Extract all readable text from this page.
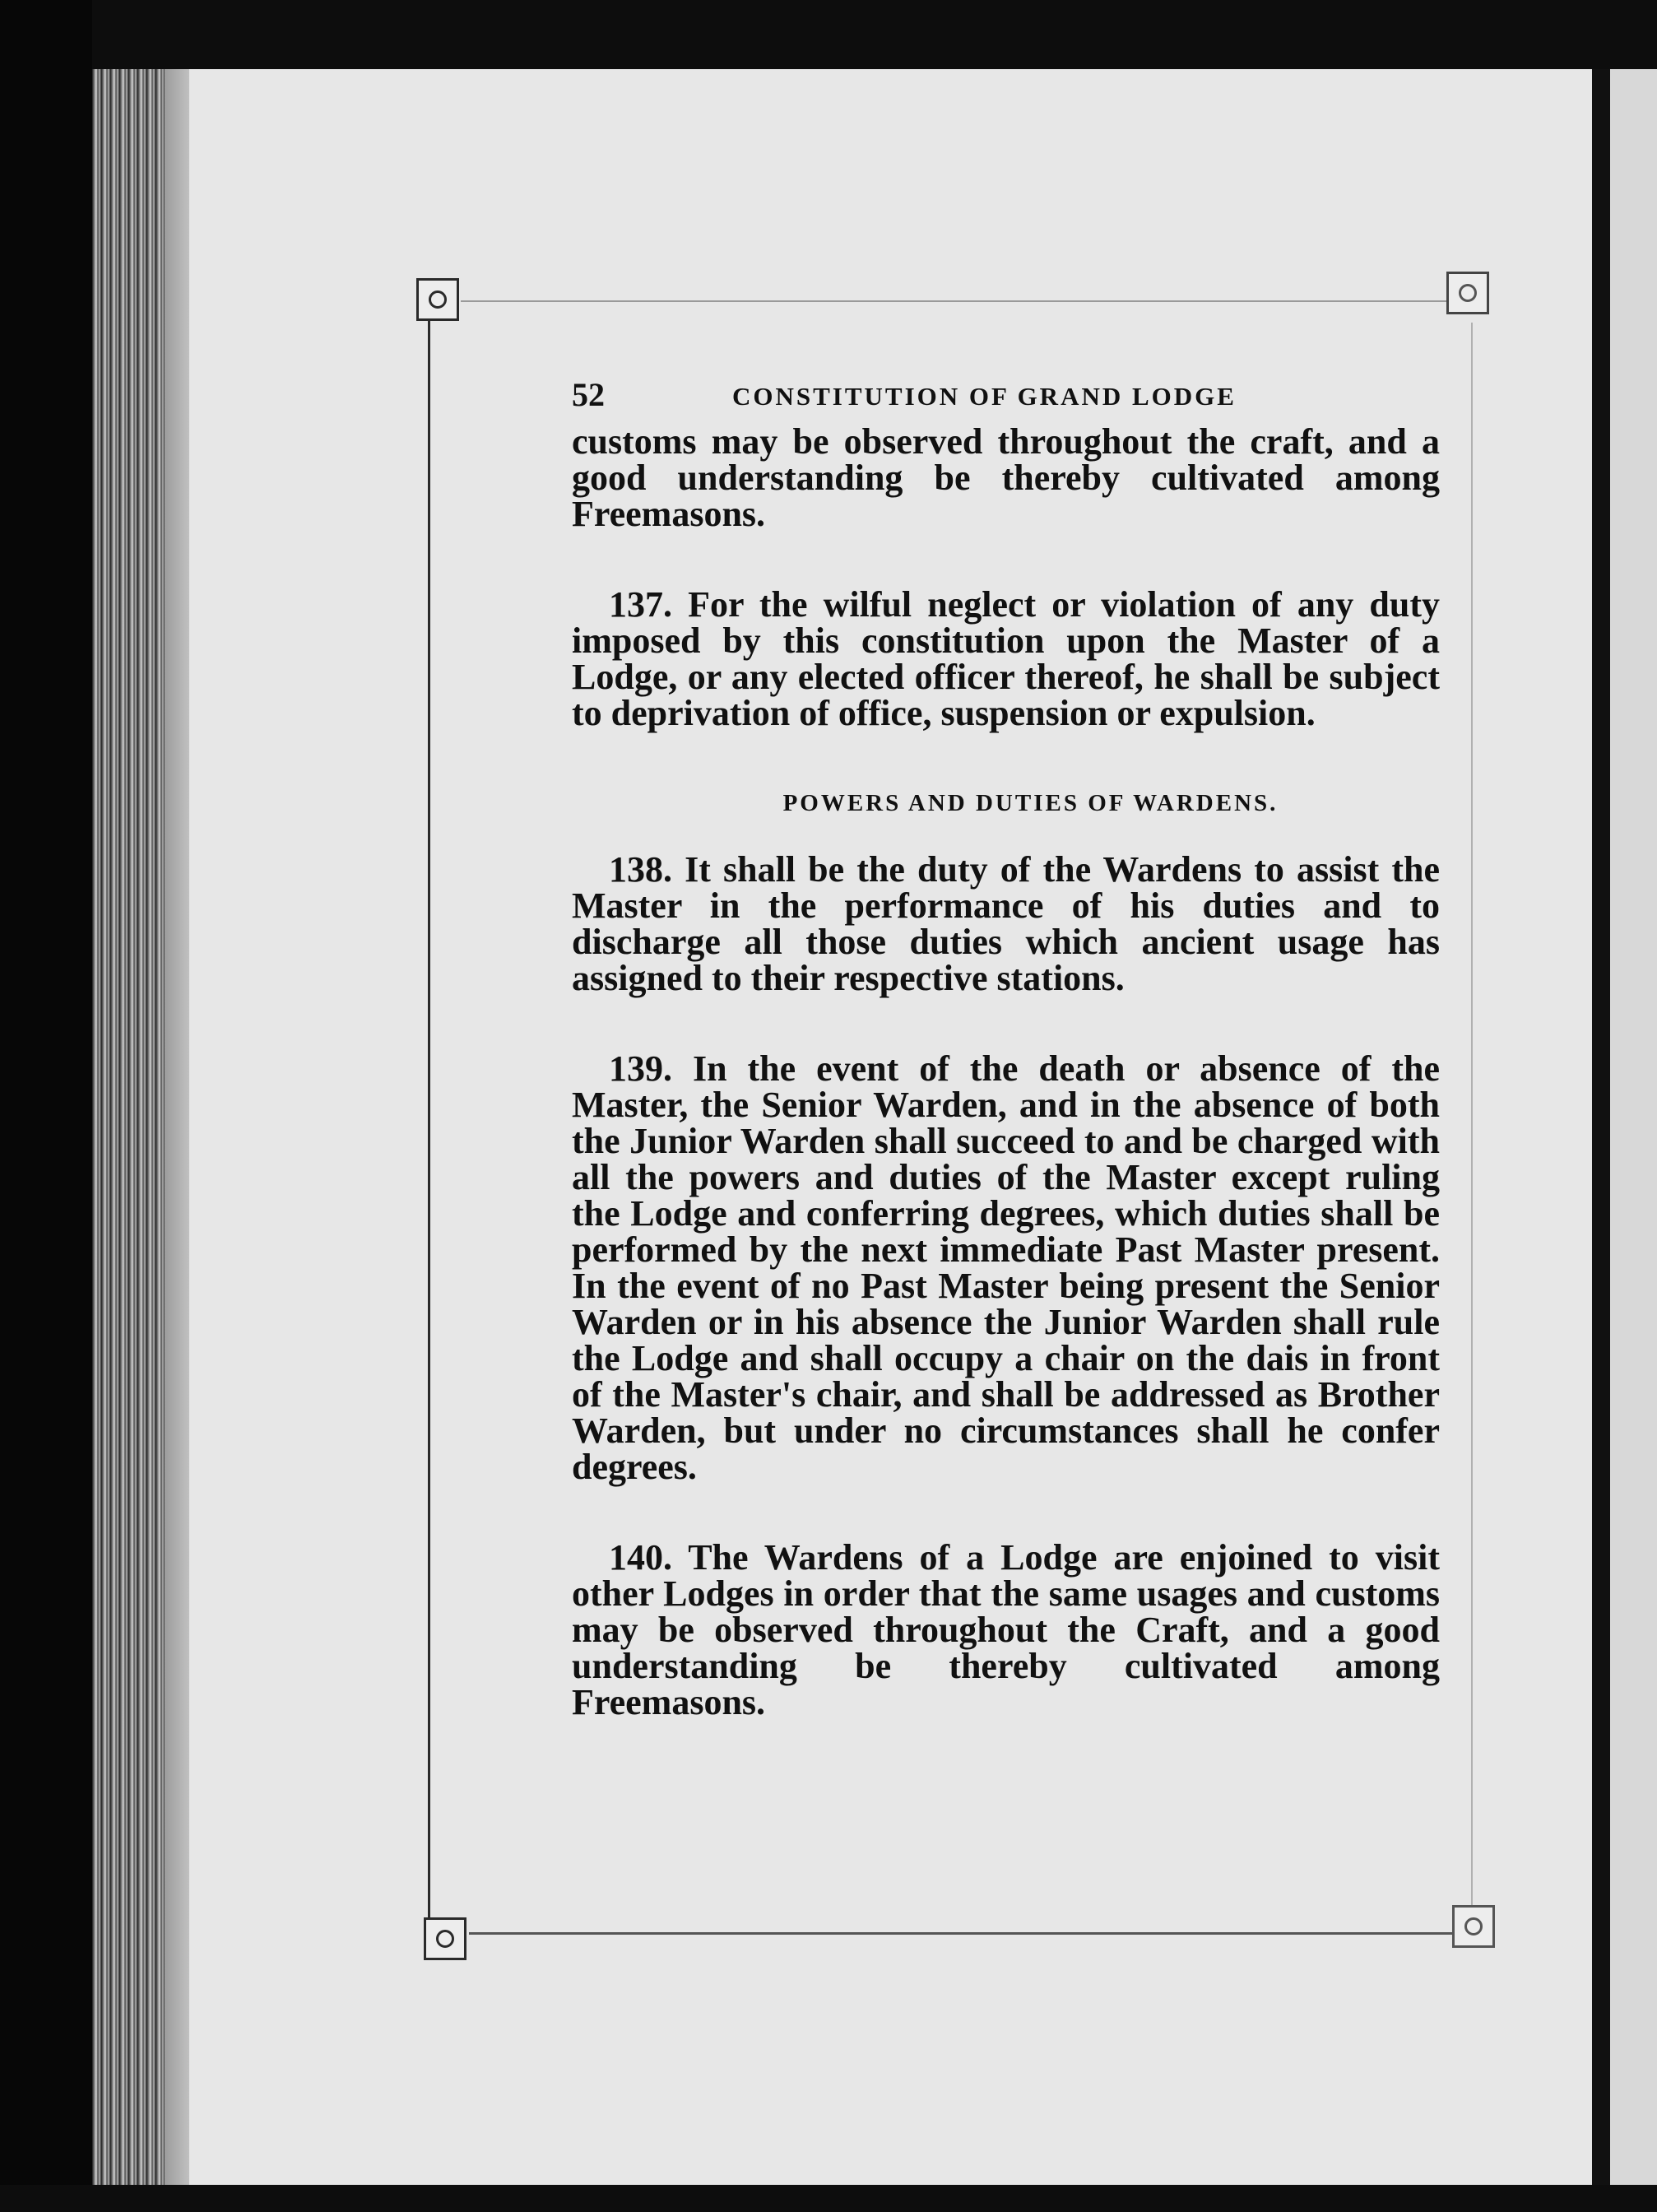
52	CONSTITUTION OF GRAND LODGE

customs may be observed throughout the craft, and a good understanding be thereby cultivated among Freemasons.

137. For the wilful neglect or violation of any duty imposed by this constitution upon the Master of a Lodge, or any elected officer thereof, he shall be subject to deprivation of office, suspension or expulsion.

POWERS AND DUTIES OF WARDENS.

138. It shall be the duty of the Wardens to assist the Master in the performance of his duties and to discharge all those duties which ancient usage has assigned to their respective stations.

139. In the event of the death or absence of the Master, the Senior Warden, and in the absence of both the Junior Warden shall succeed to and be charged with all the powers and duties of the Master except ruling the Lodge and conferring degrees, which duties shall be performed by the next immediate Past Master present. In the event of no Past Master being present the Senior Warden or in his absence the Junior Warden shall rule the Lodge and shall occupy a chair on the dais in front of the Master's chair, and shall be addressed as Brother Warden, but under no circumstances shall he confer degrees.

140. The Wardens of a Lodge are enjoined to visit other Lodges in order that the same usages and customs may be observed throughout the Craft, and a good understanding be thereby cultivated among Freemasons.
